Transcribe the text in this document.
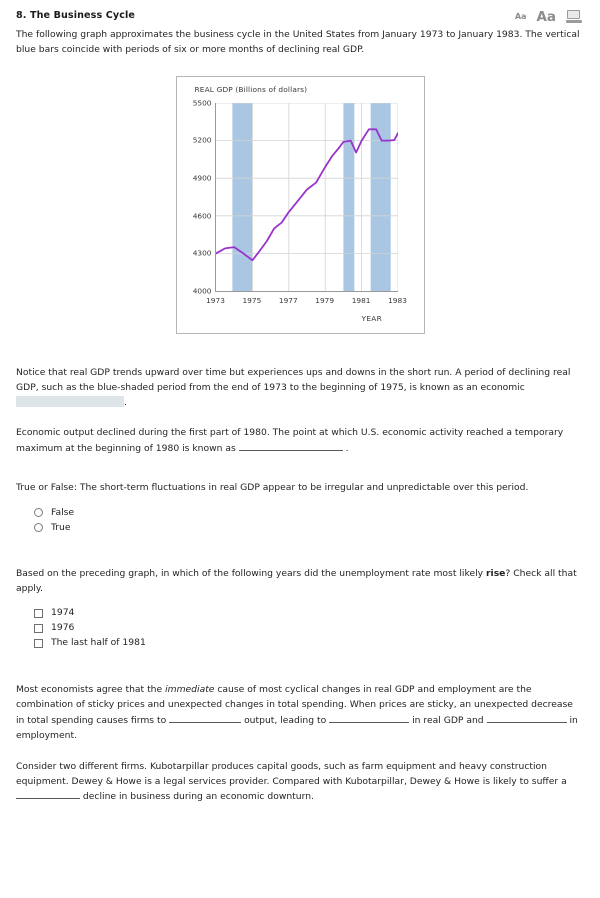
8. The Business Cycle	Aa Aa

The following graph approximates the business cycle in the United States from January 1973 to January 1983. The vertical blue bars coincide with periods of six or more months of declining real GDP.

REAL GDP (Billions of dollars)
4000
4300
4600
4900
5200
5500
1973 1975 1977 1979 1981 1983
YEAR

Notice that real GDP trends upward over time but experiences ups and downs in the short run. A period of declining real GDP, such as the blue-shaded period from the end of 1973 to the beginning of 1975, is known as an economic .

Economic output declined during the first part of 1980. The point at which U.S. economic activity reached a temporary maximum at the beginning of 1980 is known as	.

True or False: The short-term fluctuations in real GDP appear to be irregular and unpredictable over this period.

False
True

Based on the preceding graph, in which of the following years did the unemployment rate most likely rise? Check all that apply.

1974
1976
The last half of 1981

Most economists agree that the immediate cause of most cyclical changes in real GDP and employment are the combination of sticky prices and unexpected changes in total spending. When prices are sticky, an unexpected decrease in total spending causes firms to	output, leading to	in real GDP and	in employment.

Consider two different firms. Kubotarpillar produces capital goods, such as farm equipment and heavy construction equipment. Dewey & Howe is a legal services provider. Compared with Kubotarpillar, Dewey & Howe is likely to suffer a  decline in business during an economic downturn.
